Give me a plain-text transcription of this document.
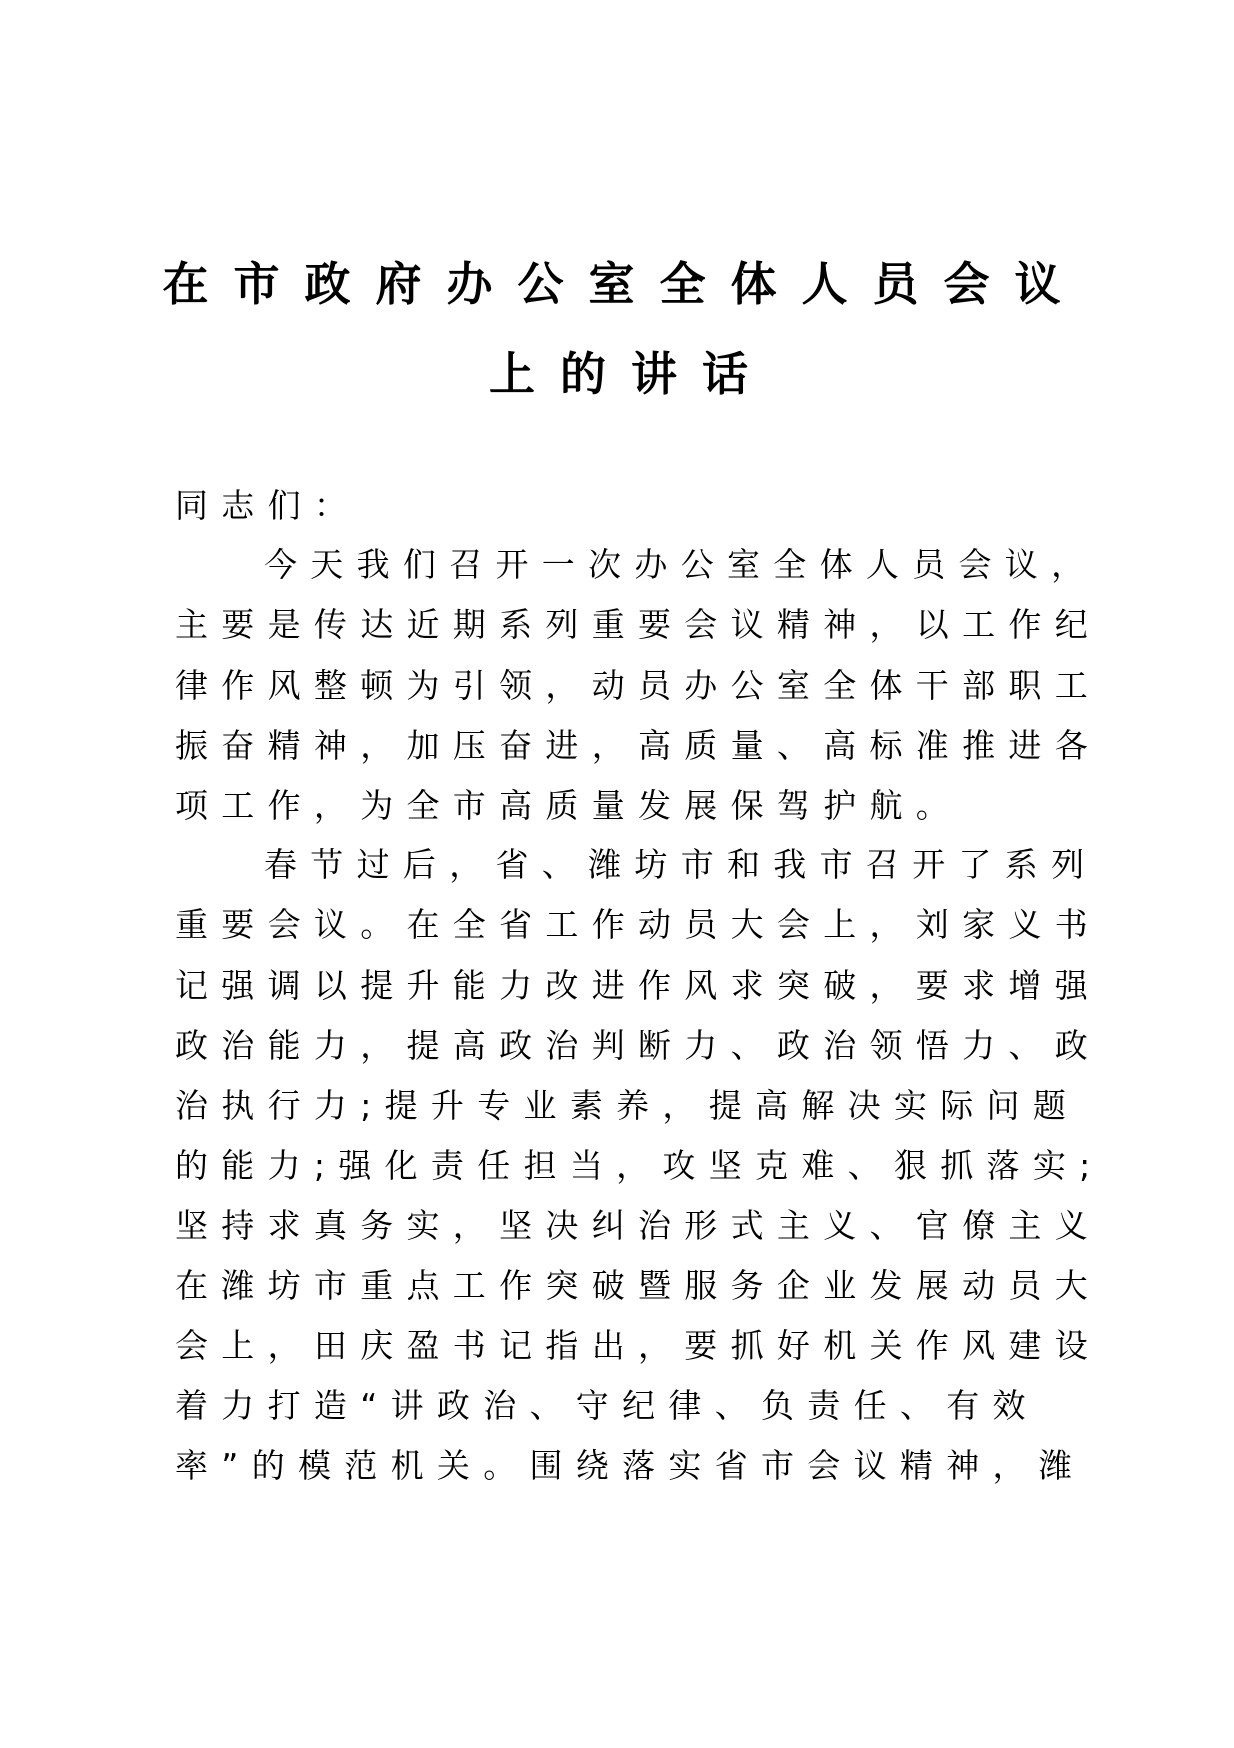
在市政府办公室全体人员会议
上的讲话
同志们：
今天我们召开一次办公室全体人员会议，
主要是传达近期系列重要会议精神，以工作纪
律作风整顿为引领，动员办公室全体干部职工
振奋精神，加压奋进，高质量、高标准推进各
项工作，为全市高质量发展保驾护航。
春节过后，省、潍坊市和我市召开了系列
重要会议。在全省工作动员大会上，刘家义书
记强调以提升能力改进作风求突破，要求增强
政治能力，提高政治判断力、政治领悟力、政
治执行力;提升专业素养，提高解决实际问题
的能力;强化责任担当，攻坚克难、狠抓落实;
坚持求真务实，坚决纠治形式主义、官僚主义
在潍坊市重点工作突破暨服务企业发展动员大
会上，田庆盈书记指出，要抓好机关作风建设
着力打造“讲政治、守纪律、负责任、有效
率”的模范机关。围绕落实省市会议精神，潍
